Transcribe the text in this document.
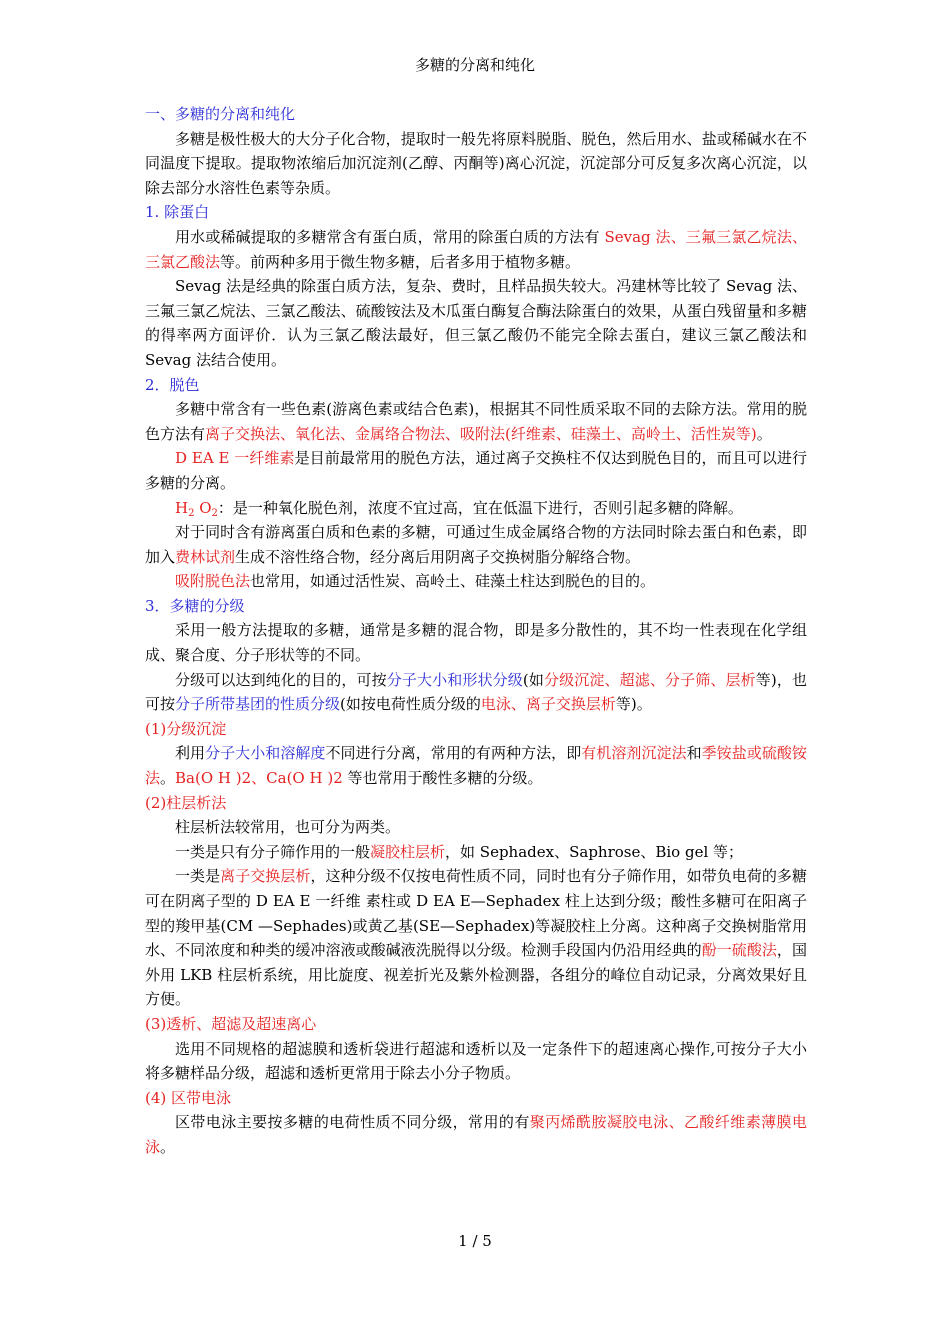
多糖的分离和纯化

一、多糖的分离和纯化

多糖是极性极大的大分子化合物，提取时一般先将原料脱脂、脱色，然后用水、盐或稀碱水在不同温度下提取。提取物浓缩后加沉淀剂(乙醇、丙酮等)离心沉淀，沉淀部分可反复多次离心沉淀，以除去部分水溶性色素等杂质。

1. 除蛋白

用水或稀碱提取的多糖常含有蛋白质，常用的除蛋白质的方法有 Sevag 法、三氟三氯乙烷法、三氯乙酸法等。前两种多用于微生物多糖，后者多用于植物多糖。

Sevag 法是经典的除蛋白质方法，复杂、费时，且样品损失较大。冯建林等比较了 Sevag 法、三氟三氯乙烷法、三氯乙酸法、硫酸铵法及木瓜蛋白酶复合酶法除蛋白的效果，从蛋白残留量和多糖的得率两方面评价．认为三氯乙酸法最好，但三氯乙酸仍不能完全除去蛋白，建议三氯乙酸法和 Sevag 法结合使用。

2．脱色

多糖中常含有一些色素(游离色素或结合色素)，根据其不同性质采取不同的去除方法。常用的脱色方法有离子交换法、氧化法、金属络合物法、吸附法(纤维素、硅藻土、高岭土、活性炭等)。

D EA E 一纤维素是目前最常用的脱色方法，通过离子交换柱不仅达到脱色目的，而且可以进行多糖的分离。

$H_2$ $O_2$：是一种氧化脱色剂，浓度不宜过高，宜在低温下进行，否则引起多糖的降解。

对于同时含有游离蛋白质和色素的多糖，可通过生成金属络合物的方法同时除去蛋白和色素，即加入费林试剂生成不溶性络合物，经分离后用阴离子交换树脂分解络合物。

吸附脱色法也常用，如通过活性炭、高岭土、硅藻土柱达到脱色的目的。

3．多糖的分级

采用一般方法提取的多糖，通常是多糖的混合物，即是多分散性的，其不均一性表现在化学组成、聚合度、分子形状等的不同。

分级可以达到纯化的目的，可按分子大小和形状分级(如分级沉淀、超滤、分子筛、层析等)，也可按分子所带基团的性质分级(如按电荷性质分级的电泳、离子交换层析等)。

(1)分级沉淀

利用分子大小和溶解度不同进行分离，常用的有两种方法，即有机溶剂沉淀法和季铵盐或硫酸铵法。Ba(O H )2、Ca(O H )2 等也常用于酸性多糖的分级。

(2)柱层析法

柱层析法较常用，也可分为两类。

一类是只有分子筛作用的一般凝胶柱层析，如 Sephadex、Saphrose、Bio gel 等；

一类是离子交换层析，这种分级不仅按电荷性质不同，同时也有分子筛作用，如带负电荷的多糖可在阴离子型的 D EA E 一纤维 素柱或 D EA E—Sephadex 柱上达到分级；酸性多糖可在阳离子型的羧甲基(CM —Sephades)或黄乙基(SE—Sephadex)等凝胶柱上分离。这种离子交换树脂常用水、不同浓度和种类的缓冲溶液或酸碱液洗脱得以分级。检测手段国内仍沿用经典的酚一硫酸法，国外用 LKB 柱层析系统，用比旋度、视差折光及紫外检测器，各组分的峰位自动记录，分离效果好且方便。

(3)透析、超滤及超速离心

选用不同规格的超滤膜和透析袋进行超滤和透析以及一定条件下的超速离心操作,可按分子大小将多糖样品分级，超滤和透析更常用于除去小分子物质。

(4) 区带电泳

区带电泳主要按多糖的电荷性质不同分级，常用的有聚丙烯酰胺凝胶电泳、乙酸纤维素薄膜电泳。

1 / 5
